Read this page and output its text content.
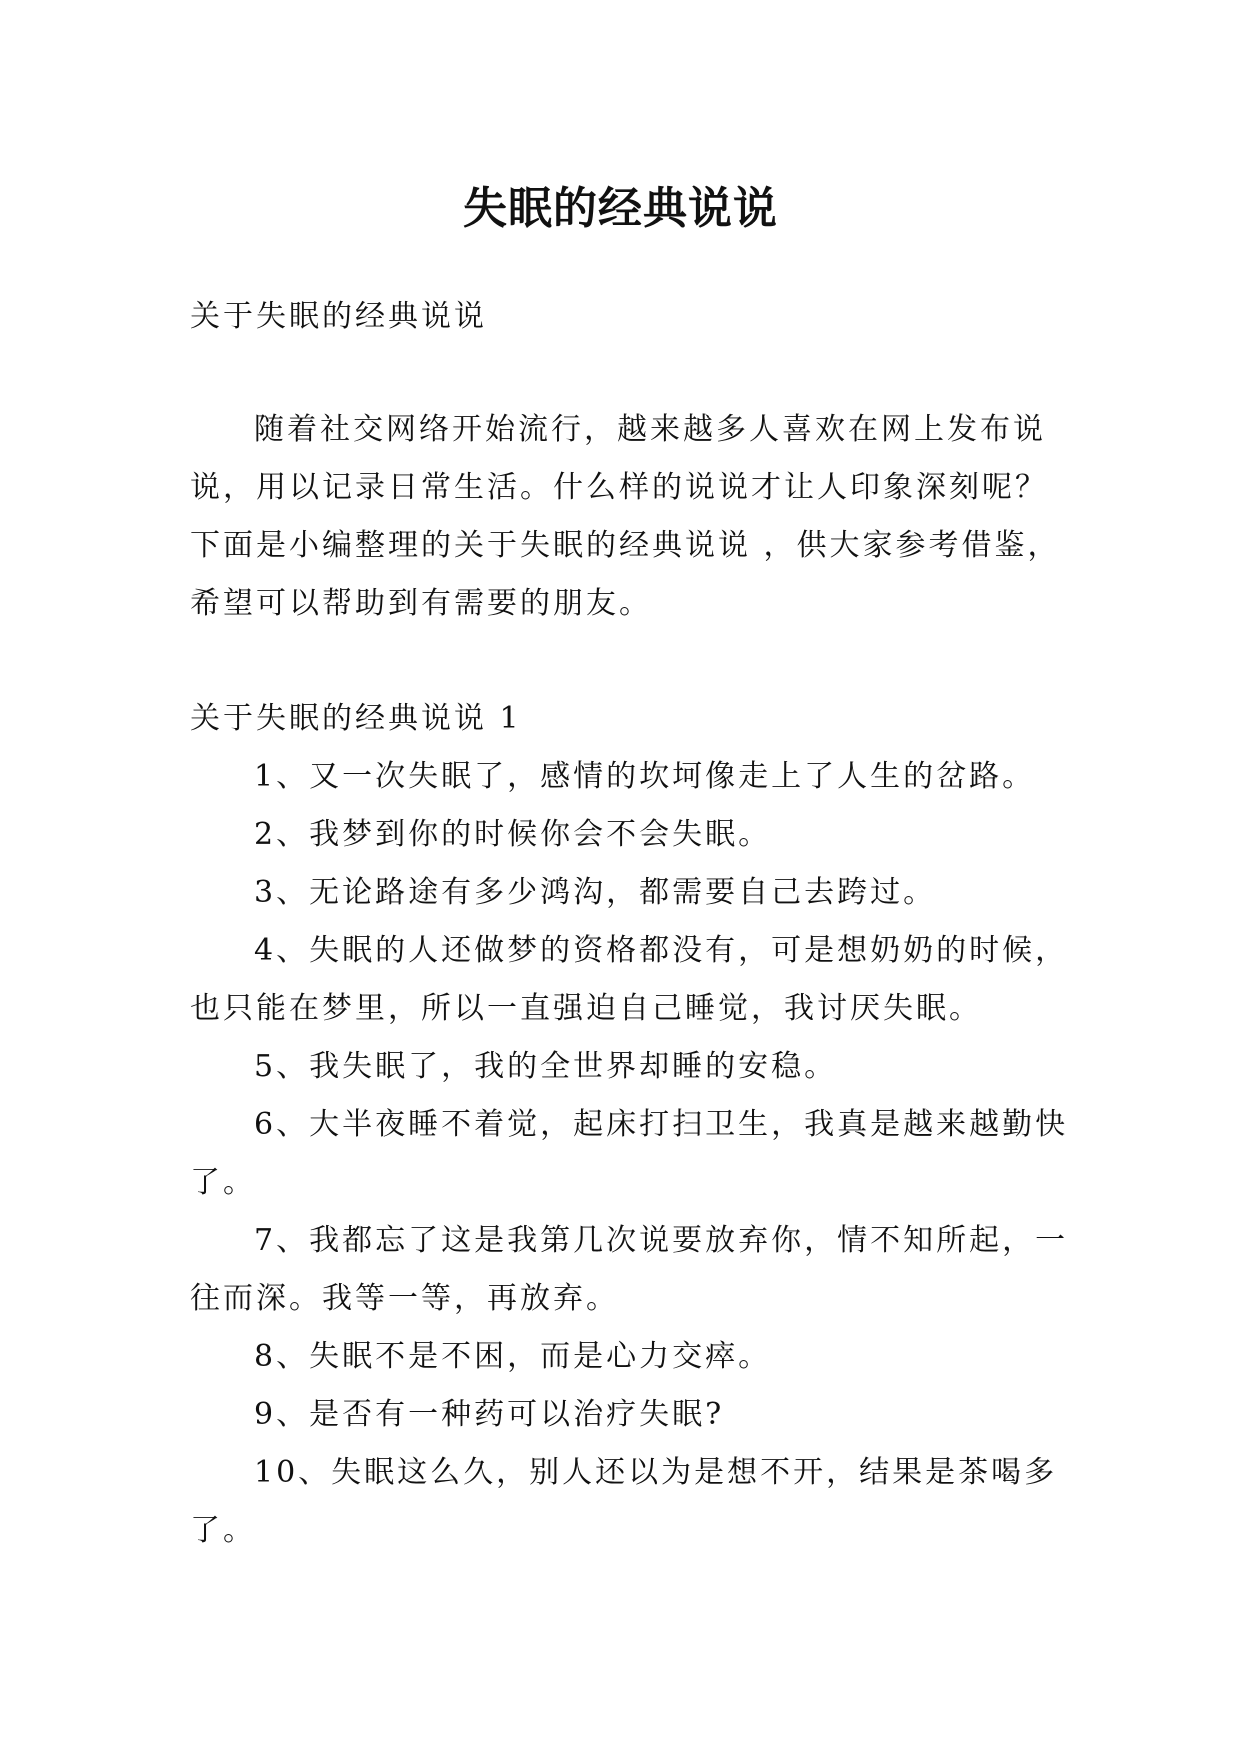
失眠的经典说说
关于失眠的经典说说

随着社交网络开始流行，越来越多人喜欢在网上发布说说，用以记录日常生活。什么样的说说才让人印象深刻呢？下面是小编整理的关于失眠的经典说说 ，供大家参考借鉴，希望可以帮助到有需要的朋友。

关于失眠的经典说说 1

1、又一次失眠了，感情的坎坷像走上了人生的岔路。

2、我梦到你的时候你会不会失眠。

3、无论路途有多少鸿沟，都需要自己去跨过。

4、失眠的人还做梦的资格都没有，可是想奶奶的时候，也只能在梦里，所以一直强迫自己睡觉，我讨厌失眠。

5、我失眠了，我的全世界却睡的安稳。

6、大半夜睡不着觉，起床打扫卫生，我真是越来越勤快了。

7、我都忘了这是我第几次说要放弃你，情不知所起，一往而深。我等一等，再放弃。

8、失眠不是不困，而是心力交瘁。

9、是否有一种药可以治疗失眠?

10、失眠这么久，别人还以为是想不开，结果是茶喝多了。
